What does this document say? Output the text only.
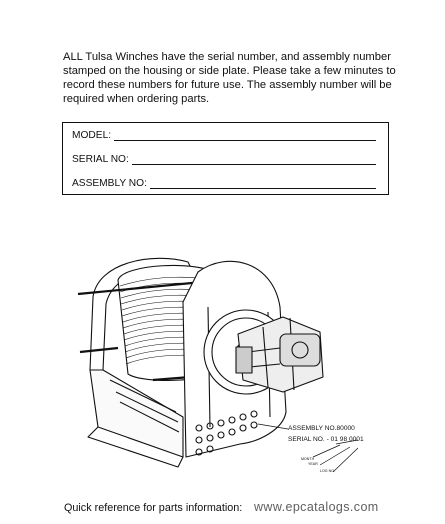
ALL Tulsa Winches have the serial number, and assembly number stamped on the housing or side plate. Please take a few minutes to record these numbers for future use. The assembly number will be required when ordering parts.

MODEL:
SERIAL NO:
ASSEMBLY NO:
ASSEMBLY NO.80000
SERIAL NO. - 01 98 0001
MONTH
YEAR
LOG NO.
Quick reference for parts information: www.epcatalogs.com
